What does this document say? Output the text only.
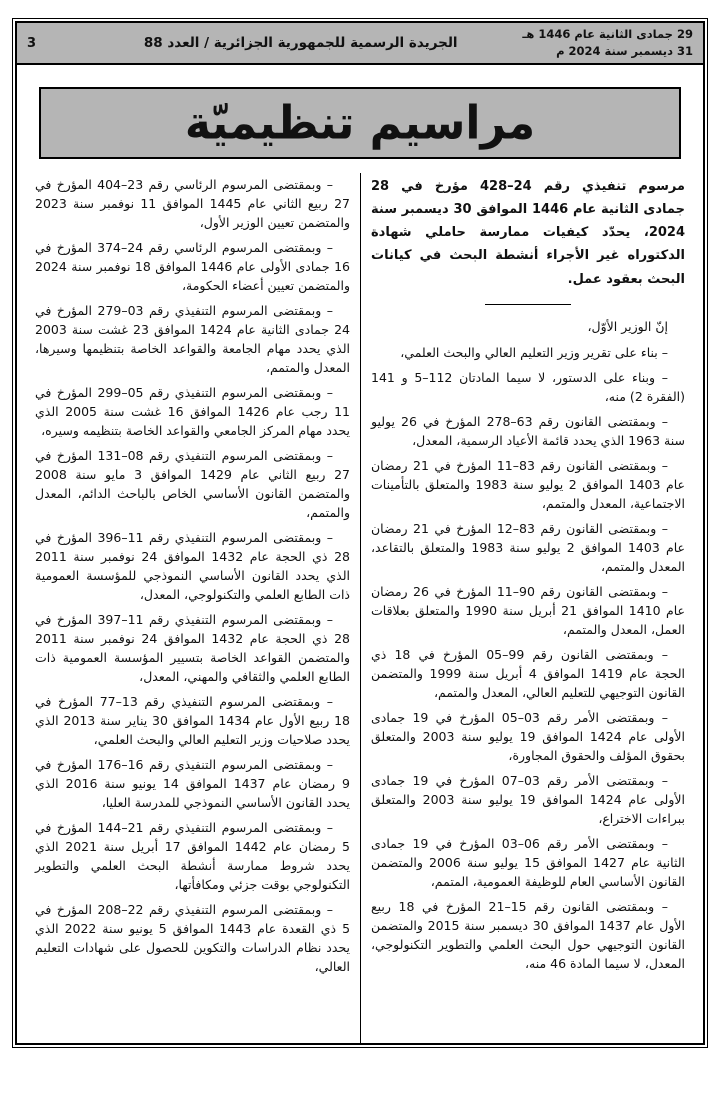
29 جمادى الثانية عام 1446 هـ
31 ديسمبر سنة 2024 م
الجريدة الرسمية للجمهورية الجزائرية / العدد 88
3
مراسيم تنظيميّة

مرسوم تنفيذي رقم 24–428 مؤرخ في 28 جمادى الثانية عام 1446 الموافق 30 ديسمبر سنة 2024، يحدّد كيفيات ممارسة حاملي شهادة الدكتوراه غير الأجراء أنشطة البحث في كيانات البحث بعقود عمل.

إنّ الوزير الأوّل،

– بناء على تقرير وزير التعليم العالي والبحث العلمي،

– وبناء على الدستور، لا سيما المادتان 112–5 و 141 (الفقرة 2) منه،

– وبمقتضى القانون رقم 63–278 المؤرخ في 26 يوليو سنة 1963 الذي يحدد قائمة الأعياد الرسمية، المعدل،

– وبمقتضى القانون رقم 83–11 المؤرخ في 21 رمضان عام 1403 الموافق 2 يوليو سنة 1983 والمتعلق بالتأمينات الاجتماعية، المعدل والمتمم،

– وبمقتضى القانون رقم 83–12 المؤرخ في 21 رمضان عام 1403 الموافق 2 يوليو سنة 1983 والمتعلق بالتقاعد، المعدل والمتمم،

– وبمقتضى القانون رقم 90–11 المؤرخ في 26 رمضان عام 1410 الموافق 21 أبريل سنة 1990 والمتعلق بعلاقات العمل، المعدل والمتمم،

– وبمقتضى القانون رقم 99–05 المؤرخ في 18 ذي الحجة عام 1419 الموافق 4 أبريل سنة 1999 والمتضمن القانون التوجيهي للتعليم العالي، المعدل والمتمم،

– وبمقتضى الأمر رقم 03–05 المؤرخ في 19 جمادى الأولى عام 1424 الموافق 19 يوليو سنة 2003 والمتعلق بحقوق المؤلف والحقوق المجاورة،

– وبمقتضى الأمر رقم 03–07 المؤرخ في 19 جمادى الأولى عام 1424 الموافق 19 يوليو سنة 2003 والمتعلق ببراءات الاختراع،

– وبمقتضى الأمر رقم 06–03 المؤرخ في 19 جمادى الثانية عام 1427 الموافق 15 يوليو سنة 2006 والمتضمن القانون الأساسي العام للوظيفة العمومية، المتمم،

– وبمقتضى القانون رقم 15–21 المؤرخ في 18 ربيع الأول عام 1437 الموافق 30 ديسمبر سنة 2015 والمتضمن القانون التوجيهي حول البحث العلمي والتطوير التكنولوجي، المعدل، لا سيما المادة 46 منه،

– وبمقتضى المرسوم الرئاسي رقم 23–404 المؤرخ في 27 ربيع الثاني عام 1445 الموافق 11 نوفمبر سنة 2023 والمتضمن تعيين الوزير الأول،

– وبمقتضى المرسوم الرئاسي رقم 24–374 المؤرخ في 16 جمادى الأولى عام 1446 الموافق 18 نوفمبر سنة 2024 والمتضمن تعيين أعضاء الحكومة،

– وبمقتضى المرسوم التنفيذي رقم 03–279 المؤرخ في 24 جمادى الثانية عام 1424 الموافق 23 غشت سنة 2003 الذي يحدد مهام الجامعة والقواعد الخاصة بتنظيمها وسيرها، المعدل والمتمم،

– وبمقتضى المرسوم التنفيذي رقم 05–299 المؤرخ في 11 رجب عام 1426 الموافق 16 غشت سنة 2005 الذي يحدد مهام المركز الجامعي والقواعد الخاصة بتنظيمه وسيره،

– وبمقتضى المرسوم التنفيذي رقم 08–131 المؤرخ في 27 ربيع الثاني عام 1429 الموافق 3 مايو سنة 2008 والمتضمن القانون الأساسي الخاص بالباحث الدائم، المعدل والمتمم،

– وبمقتضى المرسوم التنفيذي رقم 11–396 المؤرخ في 28 ذي الحجة عام 1432 الموافق 24 نوفمبر سنة 2011 الذي يحدد القانون الأساسي النموذجي للمؤسسة العمومية ذات الطابع العلمي والتكنولوجي، المعدل،

– وبمقتضى المرسوم التنفيذي رقم 11–397 المؤرخ في 28 ذي الحجة عام 1432 الموافق 24 نوفمبر سنة 2011 والمتضمن القواعد الخاصة بتسيير المؤسسة العمومية ذات الطابع العلمي والثقافي والمهني، المعدل،

– وبمقتضى المرسوم التنفيذي رقم 13–77 المؤرخ في 18 ربيع الأول عام 1434 الموافق 30 يناير سنة 2013 الذي يحدد صلاحيات وزير التعليم العالي والبحث العلمي،

– وبمقتضى المرسوم التنفيذي رقم 16–176 المؤرخ في 9 رمضان عام 1437 الموافق 14 يونيو سنة 2016 الذي يحدد القانون الأساسي النموذجي للمدرسة العليا،

– وبمقتضى المرسوم التنفيذي رقم 21–144 المؤرخ في 5 رمضان عام 1442 الموافق 17 أبريل سنة 2021 الذي يحدد شروط ممارسة أنشطة البحث العلمي والتطوير التكنولوجي بوقت جزئي ومكافأتها،

– وبمقتضى المرسوم التنفيذي رقم 22–208 المؤرخ في 5 ذي القعدة عام 1443 الموافق 5 يونيو سنة 2022 الذي يحدد نظام الدراسات والتكوين للحصول على شهادات التعليم العالي،
